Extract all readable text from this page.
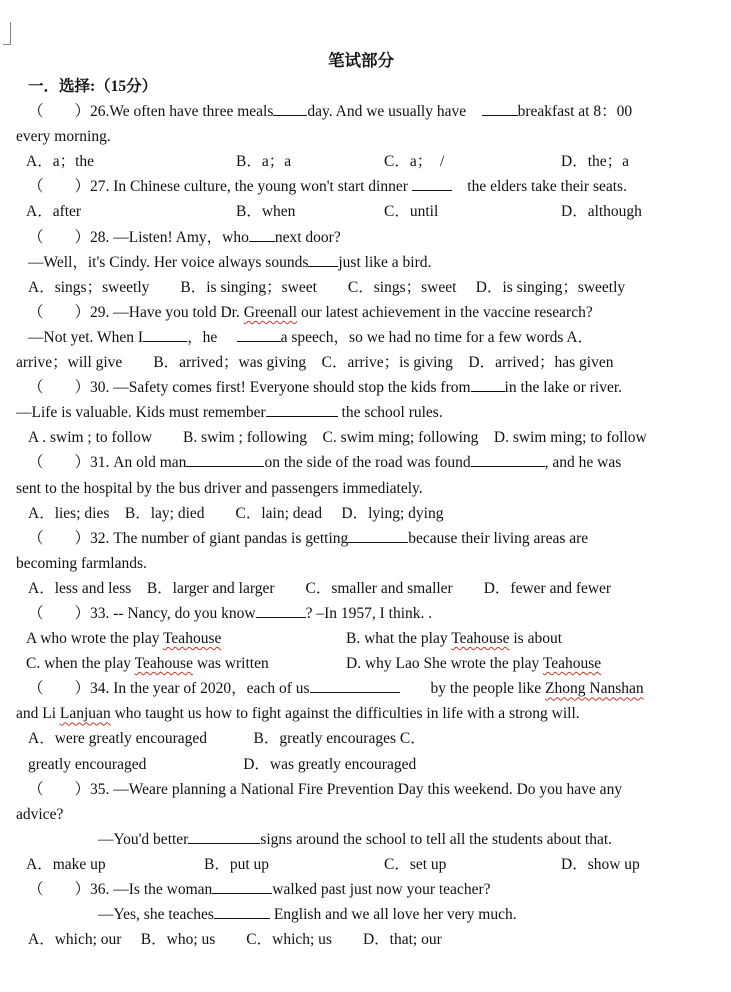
笔试部分
一．选择:（15分）
（　　）26.We often have three meals day. And we usually have　	breakfast at 8：00
every morning.
A．a；the	B．a；a	C．a；　/	D．the；a
（　　）27. In Chinese culture, the young won't start dinner 　	the elders take their seats.
A．after	B．when	C．until	D．although
（　　）28. —Listen! Amy，who next door?
—Well，it's Cindy. Her voice always sounds just like a bird.
A．sings；sweetly　　B．is singing；sweet　　C．sings；sweet　 D．is singing；sweetly
（　　）29. —Have you told Dr. Greenall our latest achievement in the vaccine research?
—Not yet. When I	，he　	a speech，so we had no time for a few words A．
arrive；will give　　B．arrived；was giving　C．arrive；is giving　D．arrived；has given
（　　）30. —Safety comes first! Everyone should stop the kids from in the lake or river.
—Life is valuable. Kids must remember	the school rules.
A . swim ; to follow　　B. swim ; following　C. swim ming; following　D. swim ming; to follow
（　　）31. An old man	on the side of the road was found	, and he was
sent to the hospital by the bus driver and passengers immediately.
A．lies; dies　B．lay; died　　C．lain; dead　 D．lying; dying
（　　）32. The number of giant pandas is getting	because their living areas are
becoming farmlands.
A．less and less　B．larger and larger　　C．smaller and smaller　　D．fewer and fewer
（　　）33. -- Nancy, do you know	? –In 1957, I think. .
A who wrote the play Teahouse	B. what the play Teahouse is about
C. when the play Teahouse was written	D. why Lao She wrote the play Teahouse
（　　）34. In the year of 2020，each of us　　	by the people like Zhong Nanshan
and Li Lanjuan who taught us how to fight against the difficulties in life with a strong will.
A．were greatly encouraged　　　B．greatly encourages C．
greatly encouraged　　　　　　 D．was greatly encouraged
（　　）35. —Weare planning a National Fire Prevention Day this weekend. Do you have any
advice?
—You'd better	signs around the school to tell all the students about that.
A．make up	B．put up	C．set up	D．show up
（　　）36. —Is the woman	walked past just now your teacher?
—Yes, she teaches	English and we all love her very much.
A．which; our　 B．who; us　　C．which; us　　D．that; our
